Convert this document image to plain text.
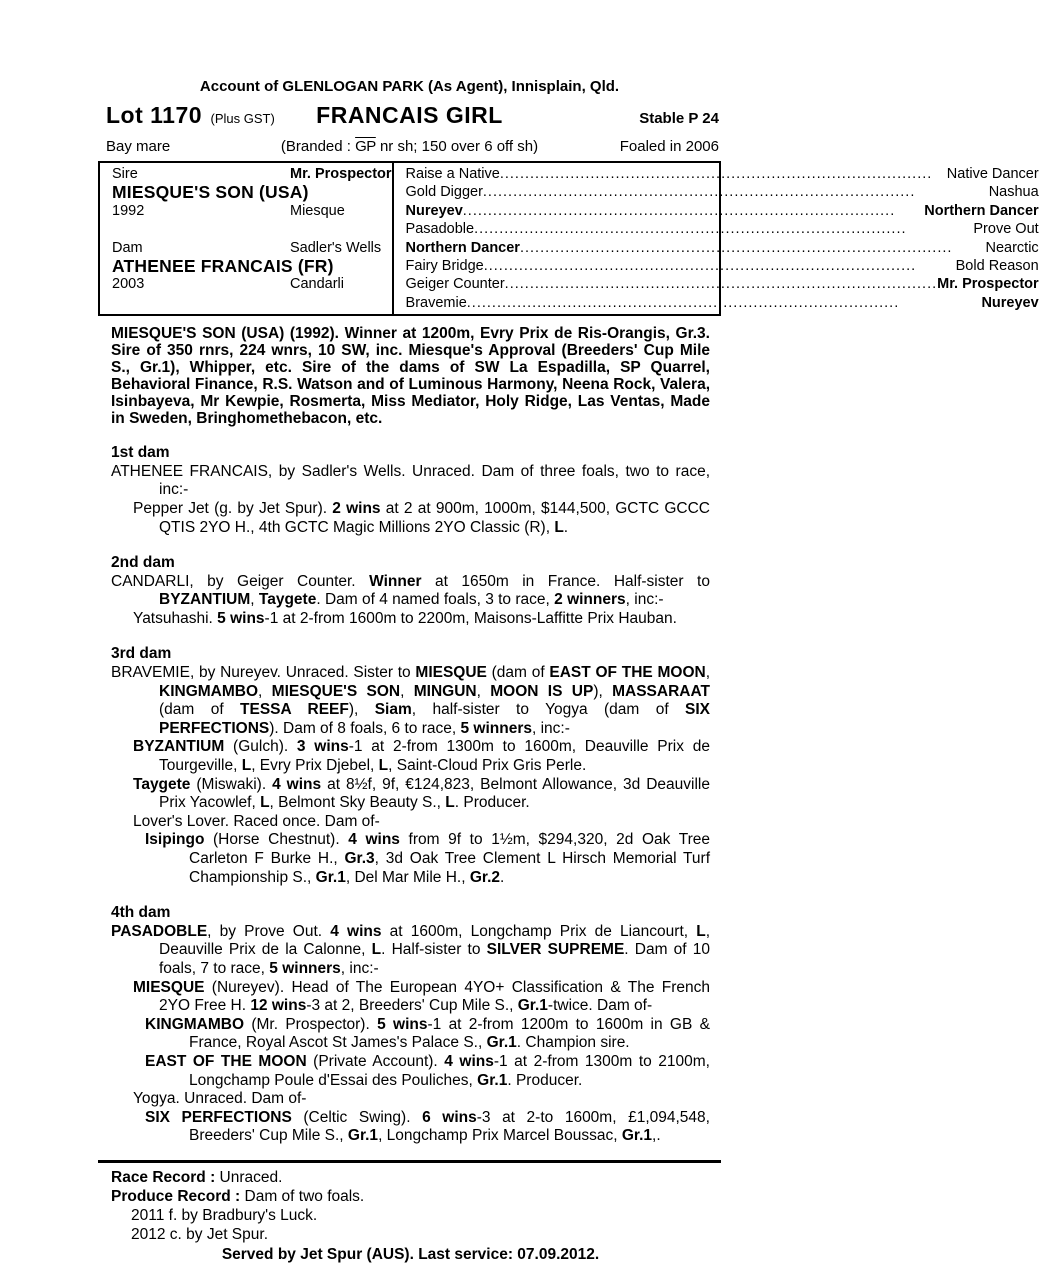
Account of GLENLOGAN PARK (As Agent), Innisplain, Qld.
Lot 1170 (Plus GST) FRANCAIS GIRL	Stable P 24
Bay mare	(Branded : $\overline{GP}$ nr sh; 150 over 6 off sh)	Foaled in 2006
Sire	Mr. Prospector
MIESQUE'S SON (USA)
1992	Miesque
Dam	Sadler's Wells
ATHENEE FRANCAIS (FR)
2003	Candarli
Raise a Native .....	Native Dancer
Gold Digger .....	Nashua
Nureyev .....	Northern Dancer
Pasadoble .....	Prove Out
Northern Dancer .....	Nearctic
Fairy Bridge .....	Bold Reason
Geiger Counter .....	Mr. Prospector
Bravemie .....	Nureyev
MIESQUE'S SON (USA) (1992). Winner at 1200m, Evry Prix de Ris-Orangis, Gr.3. Sire of 350 rnrs, 224 wnrs, 10 SW, inc. Miesque's Approval (Breeders' Cup Mile S., Gr.1), Whipper, etc. Sire of the dams of SW La Espadilla, SP Quarrel, Behavioral Finance, R.S. Watson and of Luminous Harmony, Neena Rock, Valera, Isinbayeva, Mr Kewpie, Rosmerta, Miss Mediator, Holy Ridge, Las Ventas, Made in Sweden, Bringhomethebacon, etc.
1st dam
ATHENEE FRANCAIS, by Sadler's Wells. Unraced. Dam of three foals, two to race, inc:-
Pepper Jet (g. by Jet Spur). 2 wins at 2 at 900m, 1000m, $144,500, GCTC GCCC QTIS 2YO H., 4th GCTC Magic Millions 2YO Classic (R), L.
2nd dam
CANDARLI, by Geiger Counter. Winner at 1650m in France. Half-sister to BYZANTIUM, Taygete. Dam of 4 named foals, 3 to race, 2 winners, inc:-
Yatsuhashi. 5 wins-1 at 2-from 1600m to 2200m, Maisons-Laffitte Prix Hauban.
3rd dam
BRAVEMIE, by Nureyev. Unraced. Sister to MIESQUE (dam of EAST OF THE MOON, KINGMAMBO, MIESQUE'S SON, MINGUN, MOON IS UP), MASSARAAT (dam of TESSA REEF), Siam, half-sister to Yogya (dam of SIX PERFECTIONS). Dam of 8 foals, 6 to race, 5 winners, inc:-
BYZANTIUM (Gulch). 3 wins-1 at 2-from 1300m to 1600m, Deauville Prix de Tourgeville, L, Evry Prix Djebel, L, Saint-Cloud Prix Gris Perle.
Taygete (Miswaki). 4 wins at 8½f, 9f, €124,823, Belmont Allowance, 3d Deauville Prix Yacowlef, L, Belmont Sky Beauty S., L. Producer.
Lover's Lover. Raced once. Dam of-
Isipingo (Horse Chestnut). 4 wins from 9f to 1½m, $294,320, 2d Oak Tree Carleton F Burke H., Gr.3, 3d Oak Tree Clement L Hirsch Memorial Turf Championship S., Gr.1, Del Mar Mile H., Gr.2.
4th dam
PASADOBLE, by Prove Out. 4 wins at 1600m, Longchamp Prix de Liancourt, L, Deauville Prix de la Calonne, L. Half-sister to SILVER SUPREME. Dam of 10 foals, 7 to race, 5 winners, inc:-
MIESQUE (Nureyev). Head of The European 4YO+ Classification & The French 2YO Free H. 12 wins-3 at 2, Breeders' Cup Mile S., Gr.1-twice. Dam of-
KINGMAMBO (Mr. Prospector). 5 wins-1 at 2-from 1200m to 1600m in GB & France, Royal Ascot St James's Palace S., Gr.1. Champion sire.
EAST OF THE MOON (Private Account). 4 wins-1 at 2-from 1300m to 2100m, Longchamp Poule d'Essai des Pouliches, Gr.1. Producer.
Yogya. Unraced. Dam of-
SIX PERFECTIONS (Celtic Swing). 6 wins-3 at 2-to 1600m, £1,094,548, Breeders' Cup Mile S., Gr.1, Longchamp Prix Marcel Boussac, Gr.1,.
Race Record : Unraced.
Produce Record : Dam of two foals.
2011 f. by Bradbury's Luck.
2012 c. by Jet Spur.
Served by Jet Spur (AUS). Last service: 07.09.2012.
